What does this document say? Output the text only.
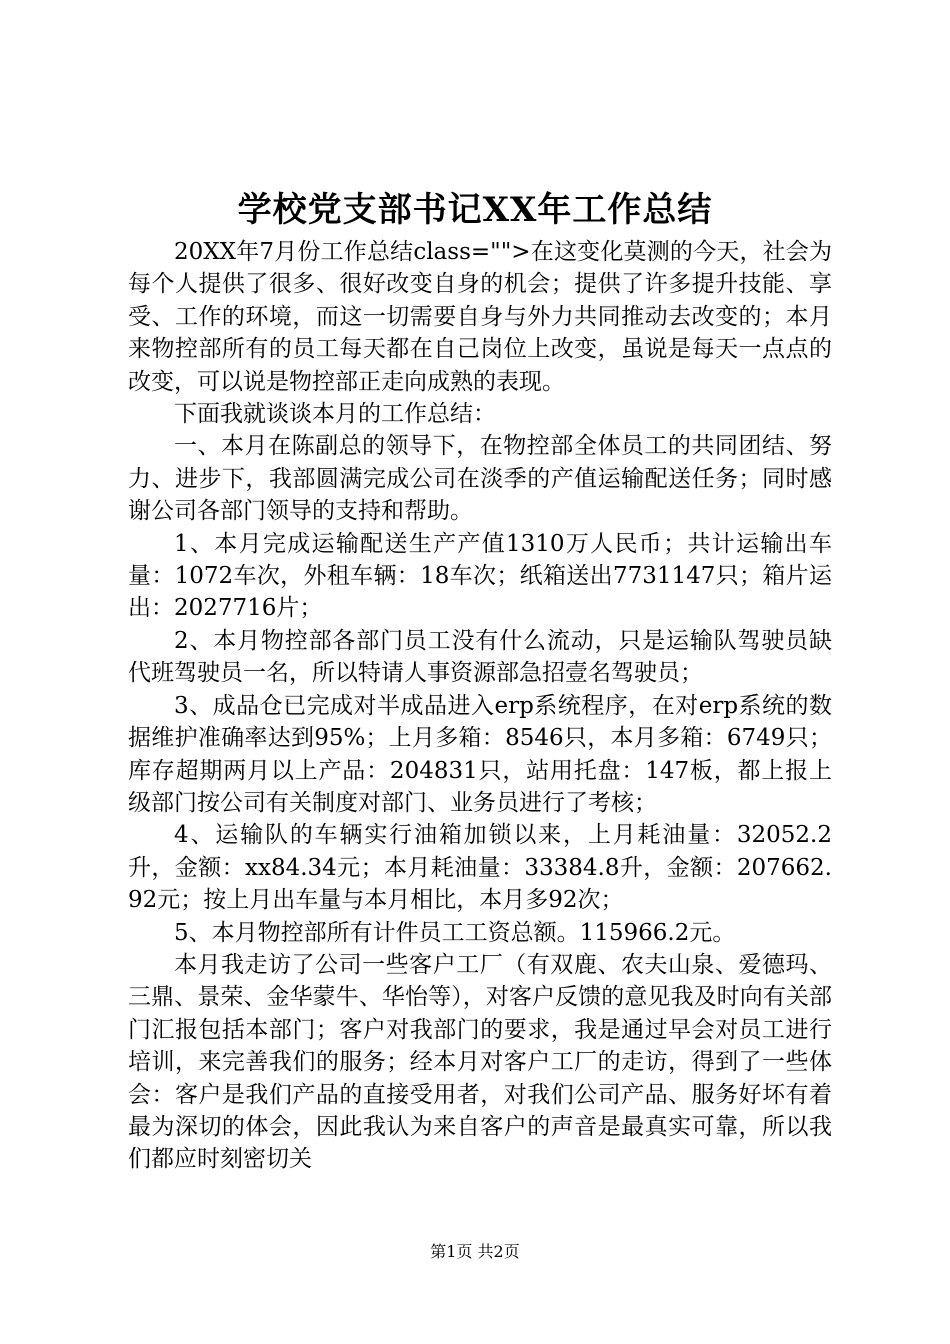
学校党支部书记XX年工作总结

20XX年7月份工作总结class="">在这变化莫测的今天，社会为每个人提供了很多、很好改变自身的机会；提供了许多提升技能、享受、工作的环境，而这一切需要自身与外力共同推动去改变的；本月来物控部所有的员工每天都在自己岗位上改变，虽说是每天一点点的改变，可以说是物控部正走向成熟的表现。

下面我就谈谈本月的工作总结：

一、本月在陈副总的领导下，在物控部全体员工的共同团结、努力、进步下，我部圆满完成公司在淡季的产值运输配送任务；同时感谢公司各部门领导的支持和帮助。

1、本月完成运输配送生产产值1310万人民币；共计运输出车量：1072车次，外租车辆：18车次；纸箱送出7731147只；箱片运出：2027716片；

2、本月物控部各部门员工没有什么流动，只是运输队驾驶员缺代班驾驶员一名，所以特请人事资源部急招壹名驾驶员；

3、成品仓已完成对半成品进入erp系统程序，在对erp系统的数据维护准确率达到95%；上月多箱：8546只，本月多箱：6749只；库存超期两月以上产品：204831只，站用托盘：147板，都上报上级部门按公司有关制度对部门、业务员进行了考核；

4、运输队的车辆实行油箱加锁以来，上月耗油量：32052.2升，金额：xx84.34元；本月耗油量：33384.8升，金额：207662.92元；按上月出车量与本月相比，本月多92次；

5、本月物控部所有计件员工工资总额。115966.2元。

本月我走访了公司一些客户工厂（有双鹿、农夫山泉、爱德玛、三鼎、景荣、金华蒙牛、华怡等），对客户反馈的意见我及时向有关部门汇报包括本部门；客户对我部门的要求，我是通过早会对员工进行培训，来完善我们的服务；经本月对客户工厂的走访，得到了一些体会：客户是我们产品的直接受用者，对我们公司产品、服务好坏有着最为深切的体会，因此我认为来自客户的声音是最真实可靠，所以我们都应时刻密切关

第1页 共2页
